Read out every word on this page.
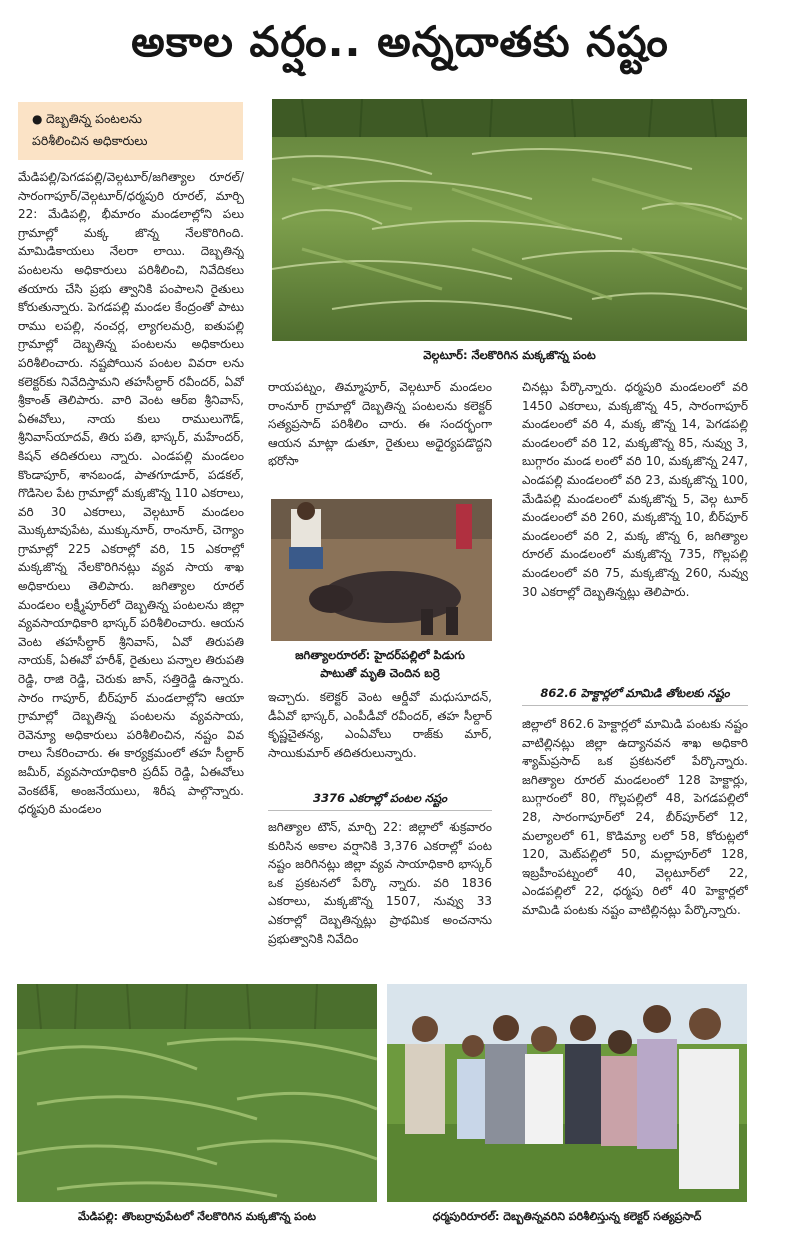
అకాల వర్షం.. అన్నదాతకు నష్టం
● దెబ్బతిన్న పంటలను
పరిశీలించిన అధికారులు

మేడిపల్లి/పెగడపల్లి/వెల్గటూర్/జగిత్యాల రూరల్/సారంగాపూర్/వెల్గటూర్/ధర్మపురి రూరల్, మార్చి 22: మేడిపల్లి, భీమారం మండలాల్లోని పలు గ్రామాల్లో మక్క జొన్న నేలకొరిగింది. మామిడికాయలు నేలరా లాయి. దెబ్బతిన్న పంటలను అధికారులు పరిశీలించి, నివేదికలు తయారు చేసి ప్రభు త్వానికి పంపాలని రైతులు కోరుతున్నారు. పెగడపల్లి మండల కేంద్రంతో పాటు రాము లపల్లి, నంచర్ల, ల్యాగలమర్రి, ఐతుపల్లి గ్రామాల్లో దెబ్బతిన్న పంటలను అధికారులు పరిశీలించారు. నష్టపోయిన పంటల వివరా లను కలెక్టర్‌కు నివేదిస్తామని తహసీల్దార్ రవీందర్, ఏవో శ్రీకాంత్ తెలిపారు. వారి వెంట ఆర్ఐ శ్రీనివాస్, ఏఈవోలు, నాయ కులు రాములుగౌడ్, శ్రీనివాస్‌యాదవ్, తిరు పతి, భాస్కర్, మహేందర్, కిషన్ తదితరులు న్నారు. ఎండపల్లి మండలం కొండాపూర్, శానబండ, పాతగూడూర్, పడకల్, గొడిసెల పేట గ్రామాల్లో మక్కజొన్న 110 ఎకరాలు, వరి 30 ఎకరాలు, వెల్గటూర్ మండలం మొక్కటావుపేట, ముక్కునూర్, రాంనూర్, చెగ్యాం గ్రామాల్లో 225 ఎకరాల్లో వరి, 15 ఎకరాల్లో మక్కజొన్న నేలకొరిగినట్లు వ్యవ సాయ శాఖ అధికారులు తెలిపారు. జగిత్యాల రూరల్ మండలం లక్ష్మీపూర్‌లో దెబ్బతిన్న పంటలను జిల్లా వ్యవసాయాధికారి భాస్కర్ పరిశీలించారు. ఆయన వెంట తహసీల్దార్ శ్రీనివాస్, ఏవో తిరుపతి నాయక్, ఏఈవో హరీశ్, రైతులు పన్నాల తిరుపతి రెడ్డి, రాజి రెడ్డి, చెరుకు జాన్, సత్తిరెడ్డి ఉన్నారు. సారం గాపూర్, బీర్‌పూర్ మండలాల్లోని ఆయా గ్రామాల్లో దెబ్బతిన్న పంటలను వ్యవసాయ, రెవెన్యూ అధికారులు పరిశీలించిన, నష్టం వివ రాలు సేకరించారు. ఈ కార్యక్రమంలో తహ సీల్దార్ జమీర్, వ్యవసాయాధికారి ప్రదీప్ రెడ్డి, ఏఈవోలు వెంకటేశ్, అంజనేయులు, శిరీష పాల్గొన్నారు. ధర్మపురి మండలం

వెల్గటూర్: నేలకొరిగిన మక్కజొన్న పంట

రాయపట్నం, తిమ్మాపూర్, వెల్గటూర్ మండలం రాంనూర్ గ్రామాల్లో దెబ్బతిన్న పంటలను కలెక్టర్ సత్యప్రసాద్ పరిశీలిం చారు. ఈ సందర్భంగా ఆయన మాట్లా డుతూ, రైతులు అధైర్యపడొద్దని భరోసా

జగిత్యాలరూరల్: హైదర్‌పల్లిలో పిడుగు
పాటుతో మృతి చెందిన బర్రె

ఇచ్చారు. కలెక్టర్ వెంట ఆర్డీవో మధుసూదన్, డీఏవో భాస్కర్, ఎంపీడీవో రవీందర్, తహ సీల్దార్ కృష్ణచైతన్య, ఎంఏవోలు రాజ్‌కు మార్, సాయికుమార్ తదితరులున్నారు.

3376 ఎకరాల్లో పంటల నష్టం

జగిత్యాల టౌన్, మార్చి 22: జిల్లాలో శుక్రవారం కురిసిన అకాల వర్షానికి 3,376 ఎకరాల్లో పంట నష్టం జరిగినట్లు జిల్లా వ్యవ సాయాధికారి భాస్కర్ ఒక ప్రకటనలో పేర్కొ న్నారు. వరి 1836 ఎకరాలు, మక్కజొన్న 1507, నువ్వు 33 ఎకరాల్లో దెబ్బతిన్నట్లు ప్రాథమిక అంచనాను ప్రభుత్వానికి నివేదిం

చినట్లు పేర్కొన్నారు. ధర్మపురి మండలంలో వరి 1450 ఎకరాలు, మక్కజొన్న 45, సారంగాపూర్ మండలంలో వరి 4, మక్క జొన్న 14, పెగడపల్లి మండలంలో వరి 12, మక్కజొన్న 85, నువ్వు 3, బుగ్గారం మండ లంలో వరి 10, మక్కజొన్న 247, ఎండపల్లి మండలంలో వరి 23, మక్కజొన్న 100, మేడిపల్లి మండలంలో మక్కజొన్న 5, వెల్గ టూర్ మండలంలో వరి 260, మక్కజొన్న 10, బీర్‌పూర్ మండలంలో వరి 2, మక్క జొన్న 6, జగిత్యాల రూరల్ మండలంలో మక్కజొన్న 735, గొల్లపల్లి మండలంలో వరి 75, మక్కజొన్న 260, నువ్వు 30 ఎకరాల్లో దెబ్బతిన్నట్లు తెలిపారు.

862.6 హెక్టార్లలో మామిడి తోటలకు నష్టం

జిల్లాలో 862.6 హెక్టార్లలో మామిడి పంటకు నష్టం వాటిల్లినట్లు జిల్లా ఉద్యానవన శాఖ అధికారి శ్యామ్‌ప్రసాద్ ఒక ప్రకటనలో పేర్కొన్నారు. జగిత్యాల రూరల్ మండలంలో 128 హెక్టార్లు, బుగ్గారంలో 80, గొల్లపల్లిలో 48, పెగడపల్లిలో 28, సారంగాపూర్‌లో 24, బీర్‌పూర్‌లో 12, మల్యాలలో 61, కొడిమ్యా లలో 58, కోరుట్లలో 120, మెట్‌పల్లిలో 50, మల్లాపూర్‌లో 128, ఇబ్రహీంపట్నంలో 40, వెల్గటూర్‌లో 22, ఎండపల్లిలో 22, ధర్మపు రిలో 40 హెక్టార్లలో మామిడి పంటకు నష్టం వాటిల్లినట్లు పేర్కొన్నారు.

మేడిపల్లి: తొంబర్రావుపేటలో నేలకొరిగిన మక్కజొన్న పంట	ధర్మపురిరూరల్: దెబ్బతిన్నవరిని పరిశీలిస్తున్న కలెక్టర్ సత్యప్రసాద్
